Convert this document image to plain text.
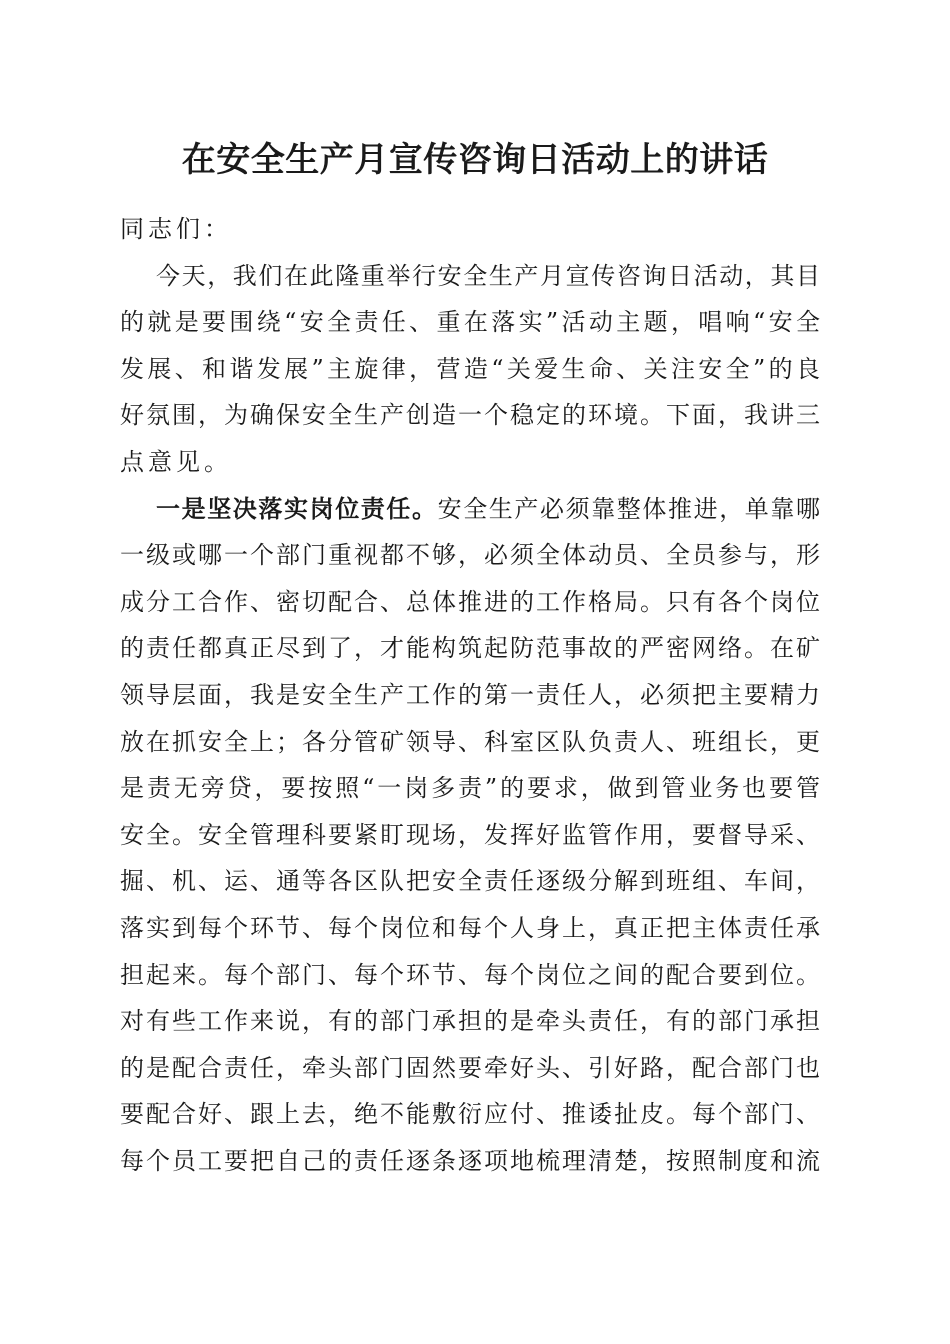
在安全生产月宣传咨询日活动上的讲话
同志们：
今天，我们在此隆重举行安全生产月宣传咨询日活动，其目
的就是要围绕“安全责任、重在落实”活动主题，唱响“安全
发展、和谐发展”主旋律，营造“关爱生命、关注安全”的良
好氛围，为确保安全生产创造一个稳定的环境。下面，我讲三
点意见。
一是坚决落实岗位责任。安全生产必须靠整体推进，单靠哪
一级或哪一个部门重视都不够，必须全体动员、全员参与，形
成分工合作、密切配合、总体推进的工作格局。只有各个岗位
的责任都真正尽到了，才能构筑起防范事故的严密网络。在矿
领导层面，我是安全生产工作的第一责任人，必须把主要精力
放在抓安全上；各分管矿领导、科室区队负责人、班组长，更
是责无旁贷，要按照“一岗多责”的要求，做到管业务也要管
安全。安全管理科要紧盯现场，发挥好监管作用，要督导采、
掘、机、运、通等各区队把安全责任逐级分解到班组、车间，
落实到每个环节、每个岗位和每个人身上，真正把主体责任承
担起来。每个部门、每个环节、每个岗位之间的配合要到位。
对有些工作来说，有的部门承担的是牵头责任，有的部门承担
的是配合责任，牵头部门固然要牵好头、引好路，配合部门也
要配合好、跟上去，绝不能敷衍应付、推诿扯皮。每个部门、
每个员工要把自己的责任逐条逐项地梳理清楚，按照制度和流
